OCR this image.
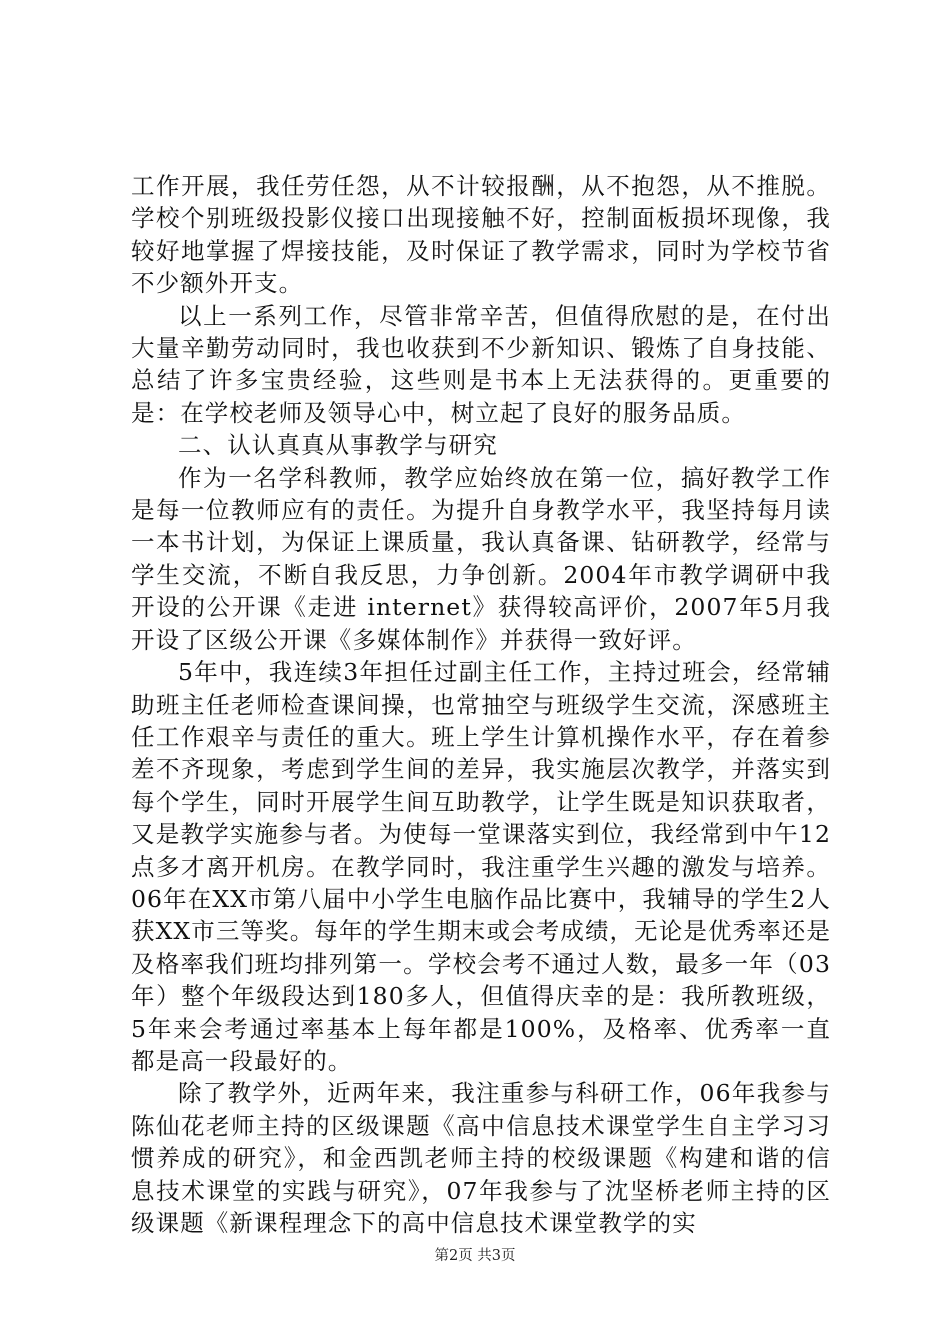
工作开展，我任劳任怨，从不计较报酬，从不抱怨，从不推脱。学校个别班级投影仪接口出现接触不好，控制面板损坏现像，我较好地掌握了焊接技能，及时保证了教学需求，同时为学校节省不少额外开支。

以上一系列工作，尽管非常辛苦，但值得欣慰的是，在付出大量辛勤劳动同时，我也收获到不少新知识、锻炼了自身技能、总结了许多宝贵经验，这些则是书本上无法获得的。更重要的是：在学校老师及领导心中，树立起了良好的服务品质。

二、认认真真从事教学与研究

作为一名学科教师，教学应始终放在第一位，搞好教学工作是每一位教师应有的责任。为提升自身教学水平，我坚持每月读一本书计划，为保证上课质量，我认真备课、钻研教学，经常与学生交流，不断自我反思，力争创新。2004年市教学调研中我开设的公开课《走进 internet》获得较高评价，2007年5月我开设了区级公开课《多媒体制作》并获得一致好评。

5年中，我连续3年担任过副主任工作，主持过班会，经常辅助班主任老师检查课间操，也常抽空与班级学生交流，深感班主任工作艰辛与责任的重大。班上学生计算机操作水平，存在着参差不齐现象，考虑到学生间的差异，我实施层次教学，并落实到每个学生，同时开展学生间互助教学，让学生既是知识获取者，又是教学实施参与者。为使每一堂课落实到位，我经常到中午12点多才离开机房。在教学同时，我注重学生兴趣的激发与培养。06年在XX市第八届中小学生电脑作品比赛中，我辅导的学生2人获XX市三等奖。每年的学生期末或会考成绩，无论是优秀率还是及格率我们班均排列第一。学校会考不通过人数，最多一年（03年）整个年级段达到180多人，但值得庆幸的是：我所教班级，5年来会考通过率基本上每年都是100%，及格率、优秀率一直都是高一段最好的。

除了教学外，近两年来，我注重参与科研工作，06年我参与陈仙花老师主持的区级课题《高中信息技术课堂学生自主学习习惯养成的研究》，和金西凯老师主持的校级课题《构建和谐的信息技术课堂的实践与研究》，07年我参与了沈坚桥老师主持的区级课题《新课程理念下的高中信息技术课堂教学的实

第2页 共3页
